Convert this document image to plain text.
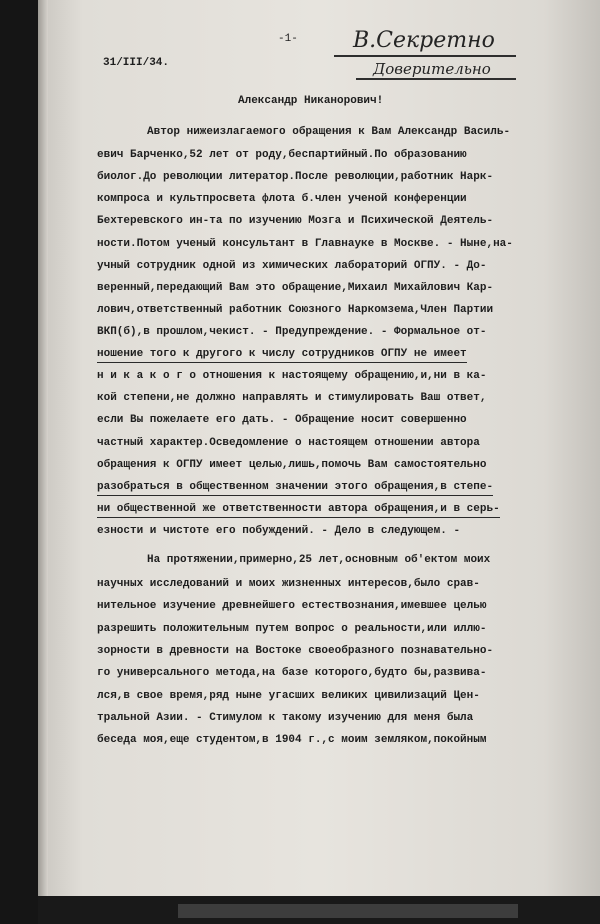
-1-
31/III/34.
В.Секретно
Доверительно
Александр Никанорович!
Автор нижеизлагаемого обращения к Вам Александр Василь-
евич Барченко,52 лет от роду,беспартийный.По образованию
биолог.До революции литератор.После революции,работник Нарк-
компроса и культпросвета флота б.член ученой конференции
Бехтеревского ин-та по изучению Мозга и Психической Деятель-
ности.Потом ученый консультант в Главнауке в Москве. - Ныне,на-
учный сотрудник одной из химических лабораторий ОГПУ. - До-
веренный,передающий Вам это обращение,Михаил Михайлович Кар-
лович,ответственный работник Союзного Наркомзема,Член Партии
ВКП(б),в прошлом,чекист. - Предупреждение. - Формальное от-
ношение того к другого к числу сотрудников ОГПУ не имеет
н и к а к о г о отношения к настоящему обращению,и,ни в ка-
кой степени,не должно направлять и стимулировать Ваш ответ,
если Вы пожелаете его дать. - Обращение носит совершенно
частный характер.Осведомление о настоящем отношении автора
обращения к ОГПУ имеет целью,лишь,помочь Вам самостоятельно
разобраться в общественном значении этого обращения,в степе-
ни общественной же ответственности автора обращения,и в серь-
езности и чистоте его побуждений. - Дело в следующем. -
На протяжении,примерно,25 лет,основным об'ектом моих
научных исследований и моих жизненных интересов,было срав-
нительное изучение древнейшего естествознания,имевшее целью
разрешить положительным путем вопрос о реальности,или иллю-
зорности в древности на Востоке своеобразного познавательно-
го универсального метода,на базе которого,будто бы,развива-
лся,в свое время,ряд ныне угасших великих цивилизаций Цен-
тральной Азии. - Стимулом к такому изучению для меня была
беседа моя,еще студентом,в 1904 г.,с моим земляком,покойным
